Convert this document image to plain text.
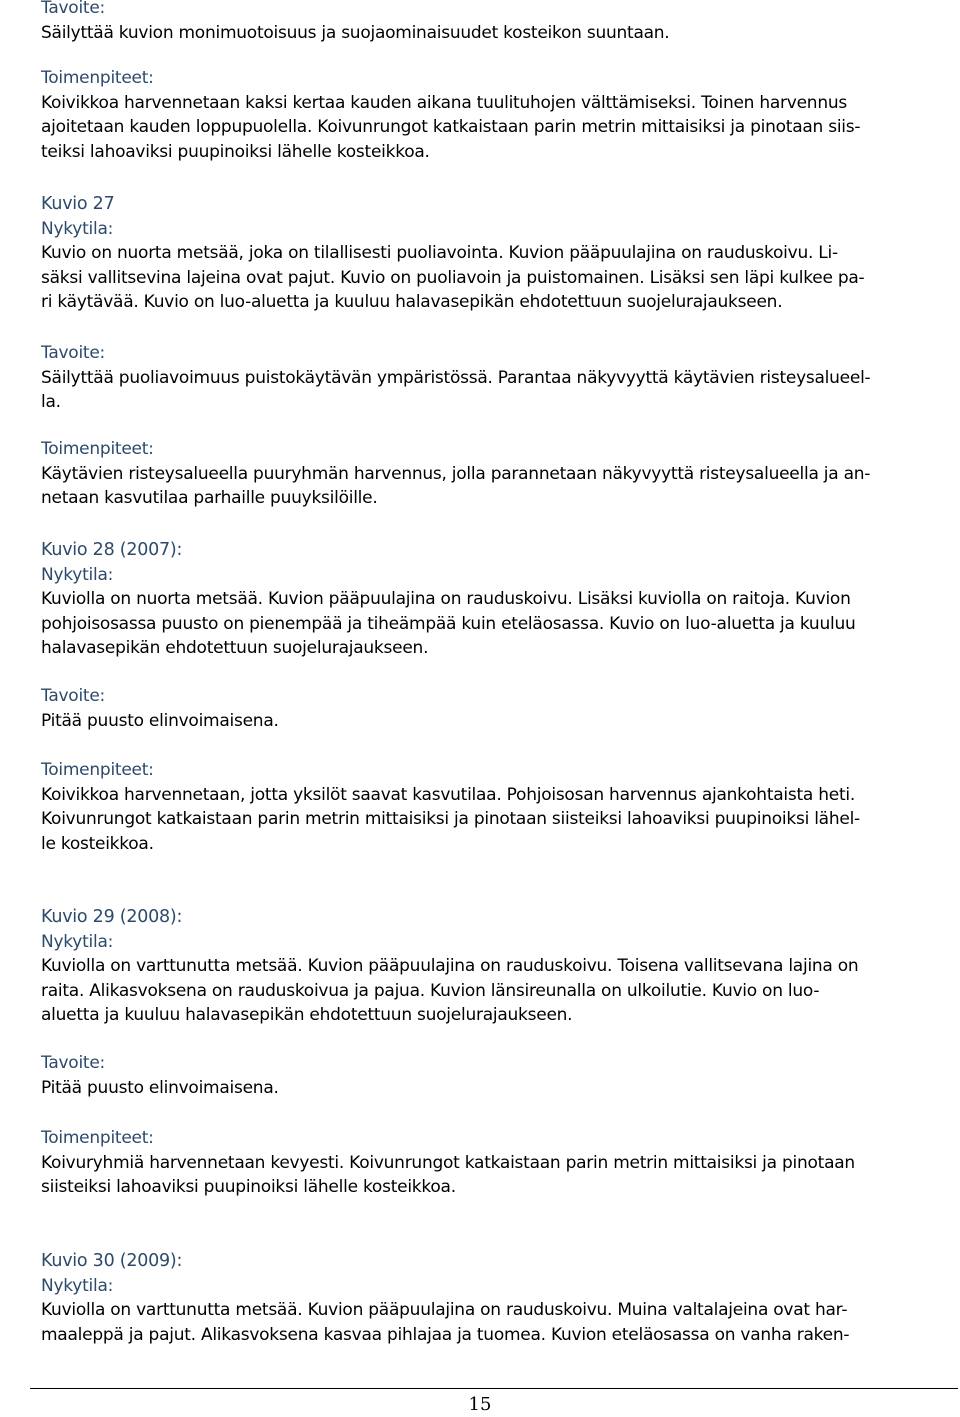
Tavoite:
Säilyttää kuvion monimuotoisuus ja suojaominaisuudet kosteikon suuntaan.
Toimenpiteet:
Koivikkoa harvennetaan kaksi kertaa kauden aikana tuulituhojen välttämiseksi. Toinen harvennus
ajoitetaan kauden loppupuolella. Koivunrungot katkaistaan parin metrin mittaisiksi ja pinotaan siis-
teiksi lahoaviksi puupinoiksi lähelle kosteikkoa.
Kuvio 27
Nykytila:
Kuvio on nuorta metsää, joka on tilallisesti puoliavointa. Kuvion pääpuulajina on rauduskoivu. Li-
säksi vallitsevina lajeina ovat pajut. Kuvio on puoliavoin ja puistomainen. Lisäksi sen läpi kulkee pa-
ri käytävää. Kuvio on luo-aluetta ja kuuluu halavasepikän ehdotettuun suojelurajaukseen.
Tavoite:
Säilyttää puoliavoimuus puistokäytävän ympäristössä. Parantaa näkyvyyttä käytävien risteysalueel-
la.
Toimenpiteet:
Käytävien risteysalueella puuryhmän harvennus, jolla parannetaan näkyvyyttä risteysalueella ja an-
netaan kasvutilaa parhaille puuyksilöille.
Kuvio 28 (2007):
Nykytila:
Kuviolla on nuorta metsää. Kuvion pääpuulajina on rauduskoivu. Lisäksi kuviolla on raitoja. Kuvion
pohjoisosassa puusto on pienempää ja tiheämpää kuin eteläosassa. Kuvio on luo-aluetta ja kuuluu
halavasepikän ehdotettuun suojelurajaukseen.
Tavoite:
Pitää puusto elinvoimaisena.
Toimenpiteet:
Koivikkoa harvennetaan, jotta yksilöt saavat kasvutilaa. Pohjoisosan harvennus ajankohtaista heti.
Koivunrungot katkaistaan parin metrin mittaisiksi ja pinotaan siisteiksi lahoaviksi puupinoiksi lähel-
le kosteikkoa.
Kuvio 29 (2008):
Nykytila:
Kuviolla on varttunutta metsää. Kuvion pääpuulajina on rauduskoivu. Toisena vallitsevana lajina on
raita. Alikasvoksena on rauduskoivua ja pajua. Kuvion länsireunalla on ulkoilutie. Kuvio on luo-
aluetta ja kuuluu halavasepikän ehdotettuun suojelurajaukseen.
Tavoite:
Pitää puusto elinvoimaisena.
Toimenpiteet:
Koivuryhmiä harvennetaan kevyesti. Koivunrungot katkaistaan parin metrin mittaisiksi ja pinotaan
siisteiksi lahoaviksi puupinoiksi lähelle kosteikkoa.
Kuvio 30 (2009):
Nykytila:
Kuviolla on varttunutta metsää. Kuvion pääpuulajina on rauduskoivu. Muina valtalajeina ovat har-
maaleppä ja pajut. Alikasvoksena kasvaa pihlajaa ja tuomea. Kuvion eteläosassa on vanha raken-
15
